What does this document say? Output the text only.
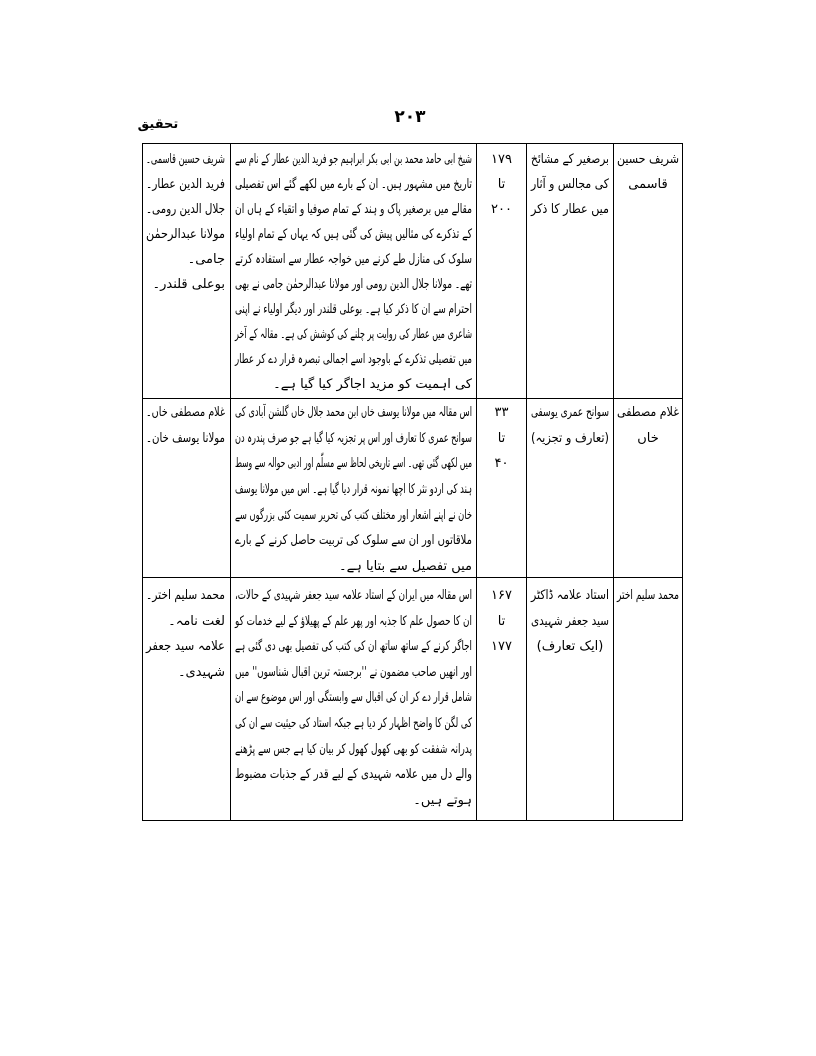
۲۰۳
تحقیق
شریف حسین
قاسمی
برصغیر کے مشائخ
کی مجالس و آثار
میں عطار کا ذکر
۱۷۹
تا
۲۰۰
شیخ ابی حامد محمد بن ابی بکر ابراہیم جو فرید الدین عطار کے نام سے
تاریخ میں مشہور ہیں۔ ان کے بارے میں لکھے گئے اس تفصیلی
مقالے میں برصغیر پاک و ہند کے تمام صوفیا و اتقیاء کے ہاں ان
کے تذکرے کی مثالیں پیش کی گئی ہیں کہ یہاں کے تمام اولیاء
سلوک کی منازل طے کرنے میں خواجہ عطار سے استفادہ کرتے
تھے۔ مولانا جلال الدین رومی اور مولانا عبدالرحمٰن جامی نے بھی
احترام سے ان کا ذکر کیا ہے۔ بوعلی قلندر اور دیگر اولیاء نے اپنی
شاعری میں عطار کی روایت پر چلنے کی کوشش کی ہے۔ مقالہ کے آخر
میں تفصیلی تذکرے کے باوجود اسے اجمالی تبصرہ قرار دے کر عطار
کی اہمیت کو مزید اجاگر کیا گیا ہے۔
شریف حسین قاسمی۔
فرید الدین عطار۔
جلال الدین رومی۔
مولانا عبدالرحمٰن
جامی۔
بوعلی قلندر۔
غلام مصطفی
خاں
سوانح عمری یوسفی
(تعارف و تجزیہ)
۳۳
تا
۴۰
اس مقالہ میں مولانا یوسف خاں ابن محمد جلال خاں گلشن آبادی کی
سوانح عمری کا تعارف اور اس پر تجزیہ کیا گیا ہے جو صرف پندرہ دن
میں لکھی گئی تھی۔ اسے تاریخی لحاظ سے مسلّم اور ادبی حوالہ سے وسط
ہند کی اردو نثر کا اچھا نمونہ قرار دیا گیا ہے۔ اس میں مولانا یوسف
خان نے اپنے اشعار اور مختلف کتب کی تحریر سمیت کئی بزرگوں سے
ملاقاتوں اور ان سے سلوک کی تربیت حاصل کرنے کے بارے
میں تفصیل سے بتایا ہے۔
غلام مصطفی خاں۔
مولانا یوسف خان۔
محمد سلیم اختر
استاد علامہ ڈاکٹر
سید جعفر شہیدی
(ایک تعارف)
۱۶۷
تا
۱۷۷
اس مقالہ میں ایران کے استاد علامہ سید جعفر شہیدی کے حالات،
ان کا حصول علم کا جذبہ اور پھر علم کے پھیلاؤ کے لیے خدمات کو
اجاگر کرنے کے ساتھ ساتھ ان کی کتب کی تفصیل بھی دی گئی ہے
اور انھیں صاحب مضمون نے ''برجستہ ترین اقبال شناسوں'' میں
شامل قرار دے کر ان کی اقبال سے وابستگی اور اس موضوع سے ان
کی لگن کا واضح اظہار کر دیا ہے جبکہ استاد کی حیثیت سے ان کی
پدرانہ شفقت کو بھی کھول کھول کر بیان کیا ہے جس سے پڑھنے
والے دل میں علامہ شہیدی کے لیے قدر کے جذبات مضبوط
ہوتے ہیں۔
محمد سلیم اختر۔
لغت نامہ۔
علامہ سید جعفر
شہیدی۔
